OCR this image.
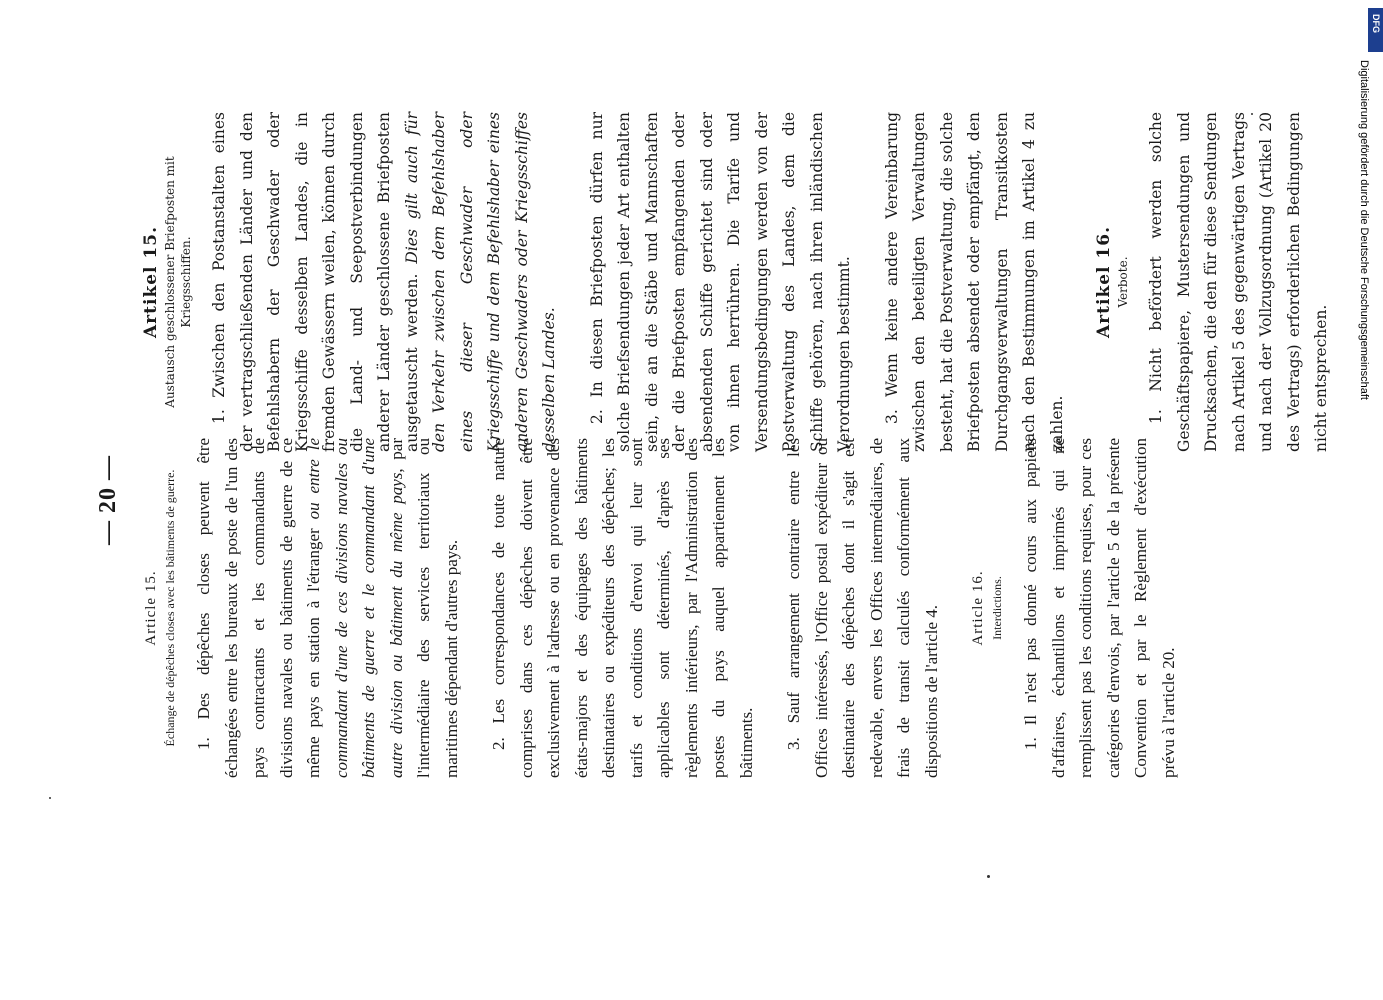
— 20 —

Article 15. Échange de dépêches closes avec les bâtiments de guerre. 1. Des dépêches closes peuvent être échangées entre les bureaux de poste de l'un des pays contractants et les commandants de divisions navales ou bâtiments de guerre de ce même pays en station à l'étranger ou entre le commandant d'une de ces divisions navales ou bâtiments de guerre et le commandant d'une autre division ou bâtiment du même pays, par l'intermédiaire des services territoriaux ou maritimes dépendant d'autres pays. 2. Les correspondances de toute nature comprises dans ces dépêches doivent être exclusivement à l'adresse ou en provenance des états-majors et des équipages des bâtiments destinataires ou expéditeurs des dépêches; les tarifs et conditions d'envoi qui leur sont applicables sont déterminés, d'après ses règlements intérieurs, par l'Administration des postes du pays auquel appartiennent les bâtiments. 3. Sauf arrangement contraire entre les Offices intéressés, l'Office postal expéditeur ou destinataire des dépêches dont il s'agit est redevable, envers les Offices intermédiaires, de frais de transit calculés conformément aux dispositions de l'article 4.	Article 16. Interdictions. 1. Il n'est pas donné cours aux papiers d'affaires, échantillons et imprimés qui ne remplissent pas les conditions requises, pour ces catégories d'envois, par l'article 5 de la présente Convention et par le Règlement d'exécution prévu à l'article 20.

Artikel 15. Austausch geschlossener Briefposten mit Kriegsschiffen. 1. Zwischen den Postanstalten eines der vertragschließenden Länder und den Befehlshabern der Geschwader oder Kriegsschiffe desselben Landes, die in fremden Gewässern weilen, können durch die Land- und Seepostverbindungen anderer Länder geschlossene Briefposten ausgetauscht werden. Dies gilt auch für den Verkehr zwischen dem Befehlshaber eines dieser Geschwader oder Kriegsschiffe und dem Befehlshaber eines anderen Geschwaders oder Kriegsschiffes desselben Landes.	2. In diesen Briefposten dürfen nur solche Briefsendungen jeder Art enthalten sein, die an die Stäbe und Mannschaften der die Briefposten empfangenden oder absendenden Schiffe gerichtet sind oder von ihnen herrühren. Die Tarife und Versendungsbedingungen werden von der Postverwaltung des Landes, dem die Schiffe gehören, nach ihren inländischen Verordnungen bestimmt.	3. Wenn keine andere Vereinbarung zwischen den beteiligten Verwaltungen besteht, hat die Postverwaltung, die solche Briefposten absendet oder empfängt, den Durchgangsverwaltungen Transitkosten nach den Bestimmungen im Artikel 4 zu zahlen.

Artikel 16. Verbote. 1. Nicht befördert werden solche Geschäftspapiere, Mustersendungen und Drucksachen, die den für diese Sendungen nach Artikel 5 des gegenwärtigen Vertrags und nach der Vollzugsordnung (Artikel 20 des Vertrags) erforderlichen Bedingungen nicht entsprechen.

DFG
Digitalisierung gefördert durch die Deutsche Forschungsgemeinschaft
